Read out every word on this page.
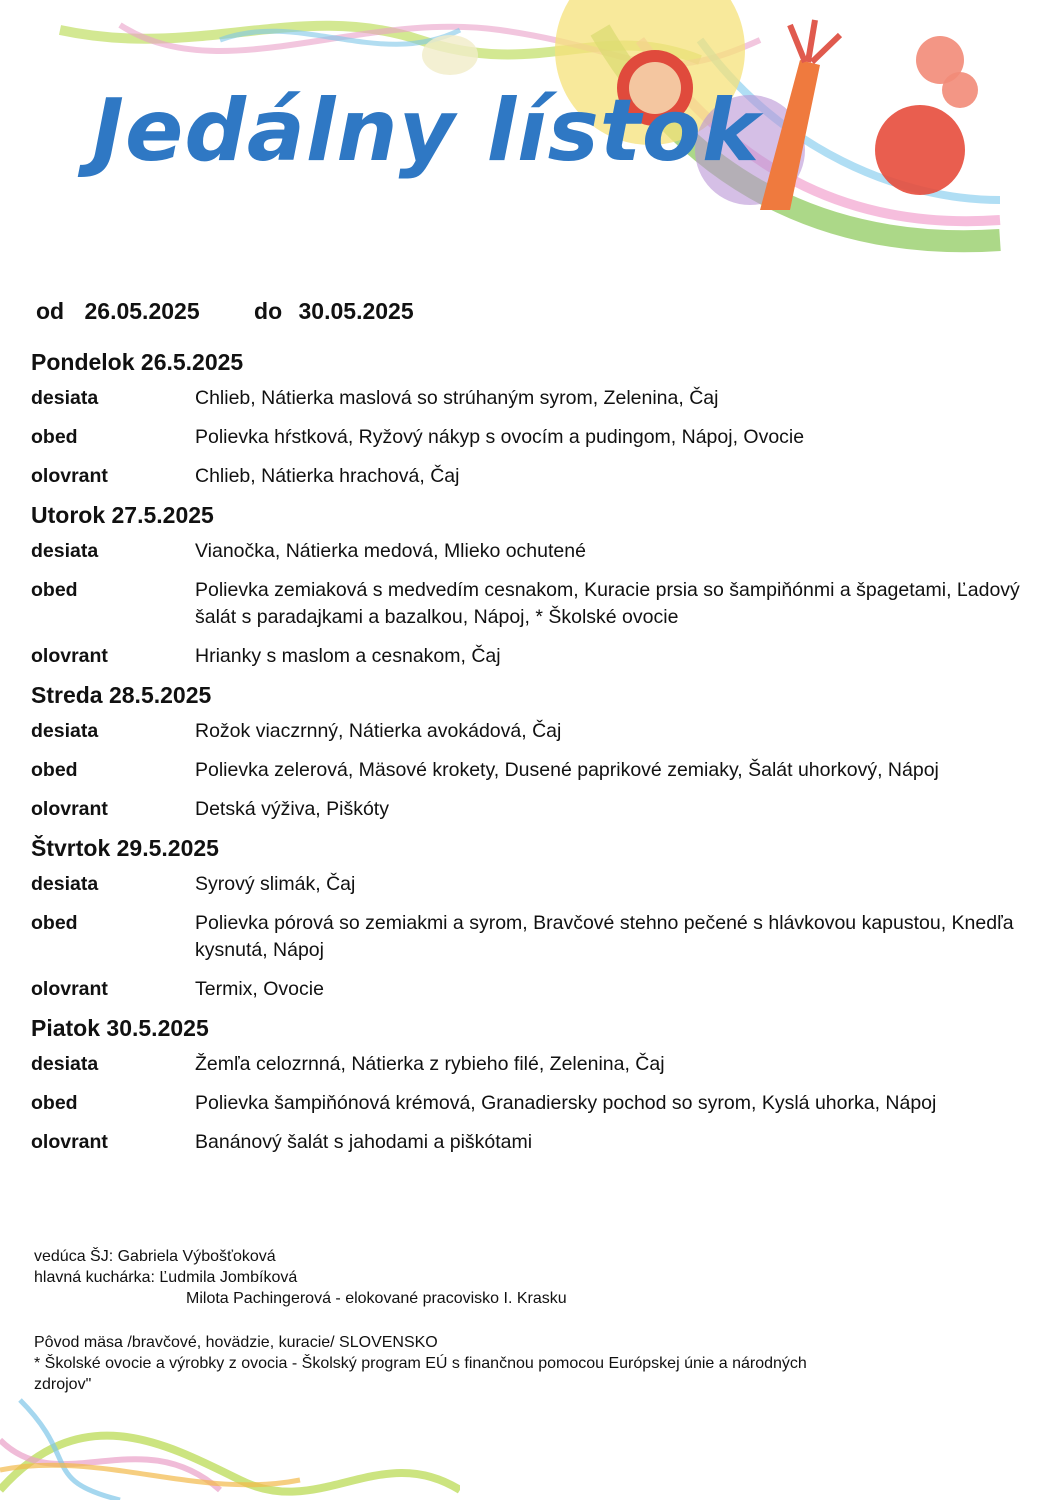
Jedálny lístok
od 26.05.2025 do 30.05.2025
Pondelok 26.5.2025
desiata	Chlieb, Nátierka maslová so strúhaným syrom, Zelenina, Čaj
obed	Polievka hŕstková, Ryžový nákyp s ovocím a pudingom, Nápoj, Ovocie
olovrant	Chlieb, Nátierka hrachová, Čaj
Utorok 27.5.2025
desiata	Vianočka, Nátierka medová, Mlieko ochutené
obed	Polievka zemiaková s medvedím cesnakom, Kuracie prsia so šampiňónmi a špagetami, Ľadový šalát s paradajkami a bazalkou, Nápoj, * Školské ovocie
olovrant	Hrianky s maslom a cesnakom, Čaj
Streda 28.5.2025
desiata	Rožok viaczrnný, Nátierka avokádová, Čaj
obed	Polievka zelerová, Mäsové krokety, Dusené paprikové zemiaky, Šalát uhorkový, Nápoj
olovrant	Detská výživa, Piškóty
Štvrtok 29.5.2025
desiata	Syrový slimák, Čaj
obed	Polievka pórová so zemiakmi a syrom, Bravčové stehno pečené s hlávkovou kapustou, Knedľa kysnutá, Nápoj
olovrant	Termix, Ovocie
Piatok 30.5.2025
desiata	Žemľa celozrnná, Nátierka z rybieho filé, Zelenina, Čaj
obed	Polievka šampiňónová krémová, Granadiersky pochod so syrom, Kyslá uhorka, Nápoj
olovrant	Banánový šalát s jahodami a piškótami
vedúca ŠJ: Gabriela Výbošťoková
hlavná kuchárka: Ľudmila Jombíková
Milota Pachingerová - elokované pracovisko I. Krasku
Pôvod mäsa /bravčové, hovädzie, kuracie/ SLOVENSKO
* Školské ovocie a výrobky z ovocia - Školský program EÚ s finančnou pomocou Európskej únie a národných zdrojov"
